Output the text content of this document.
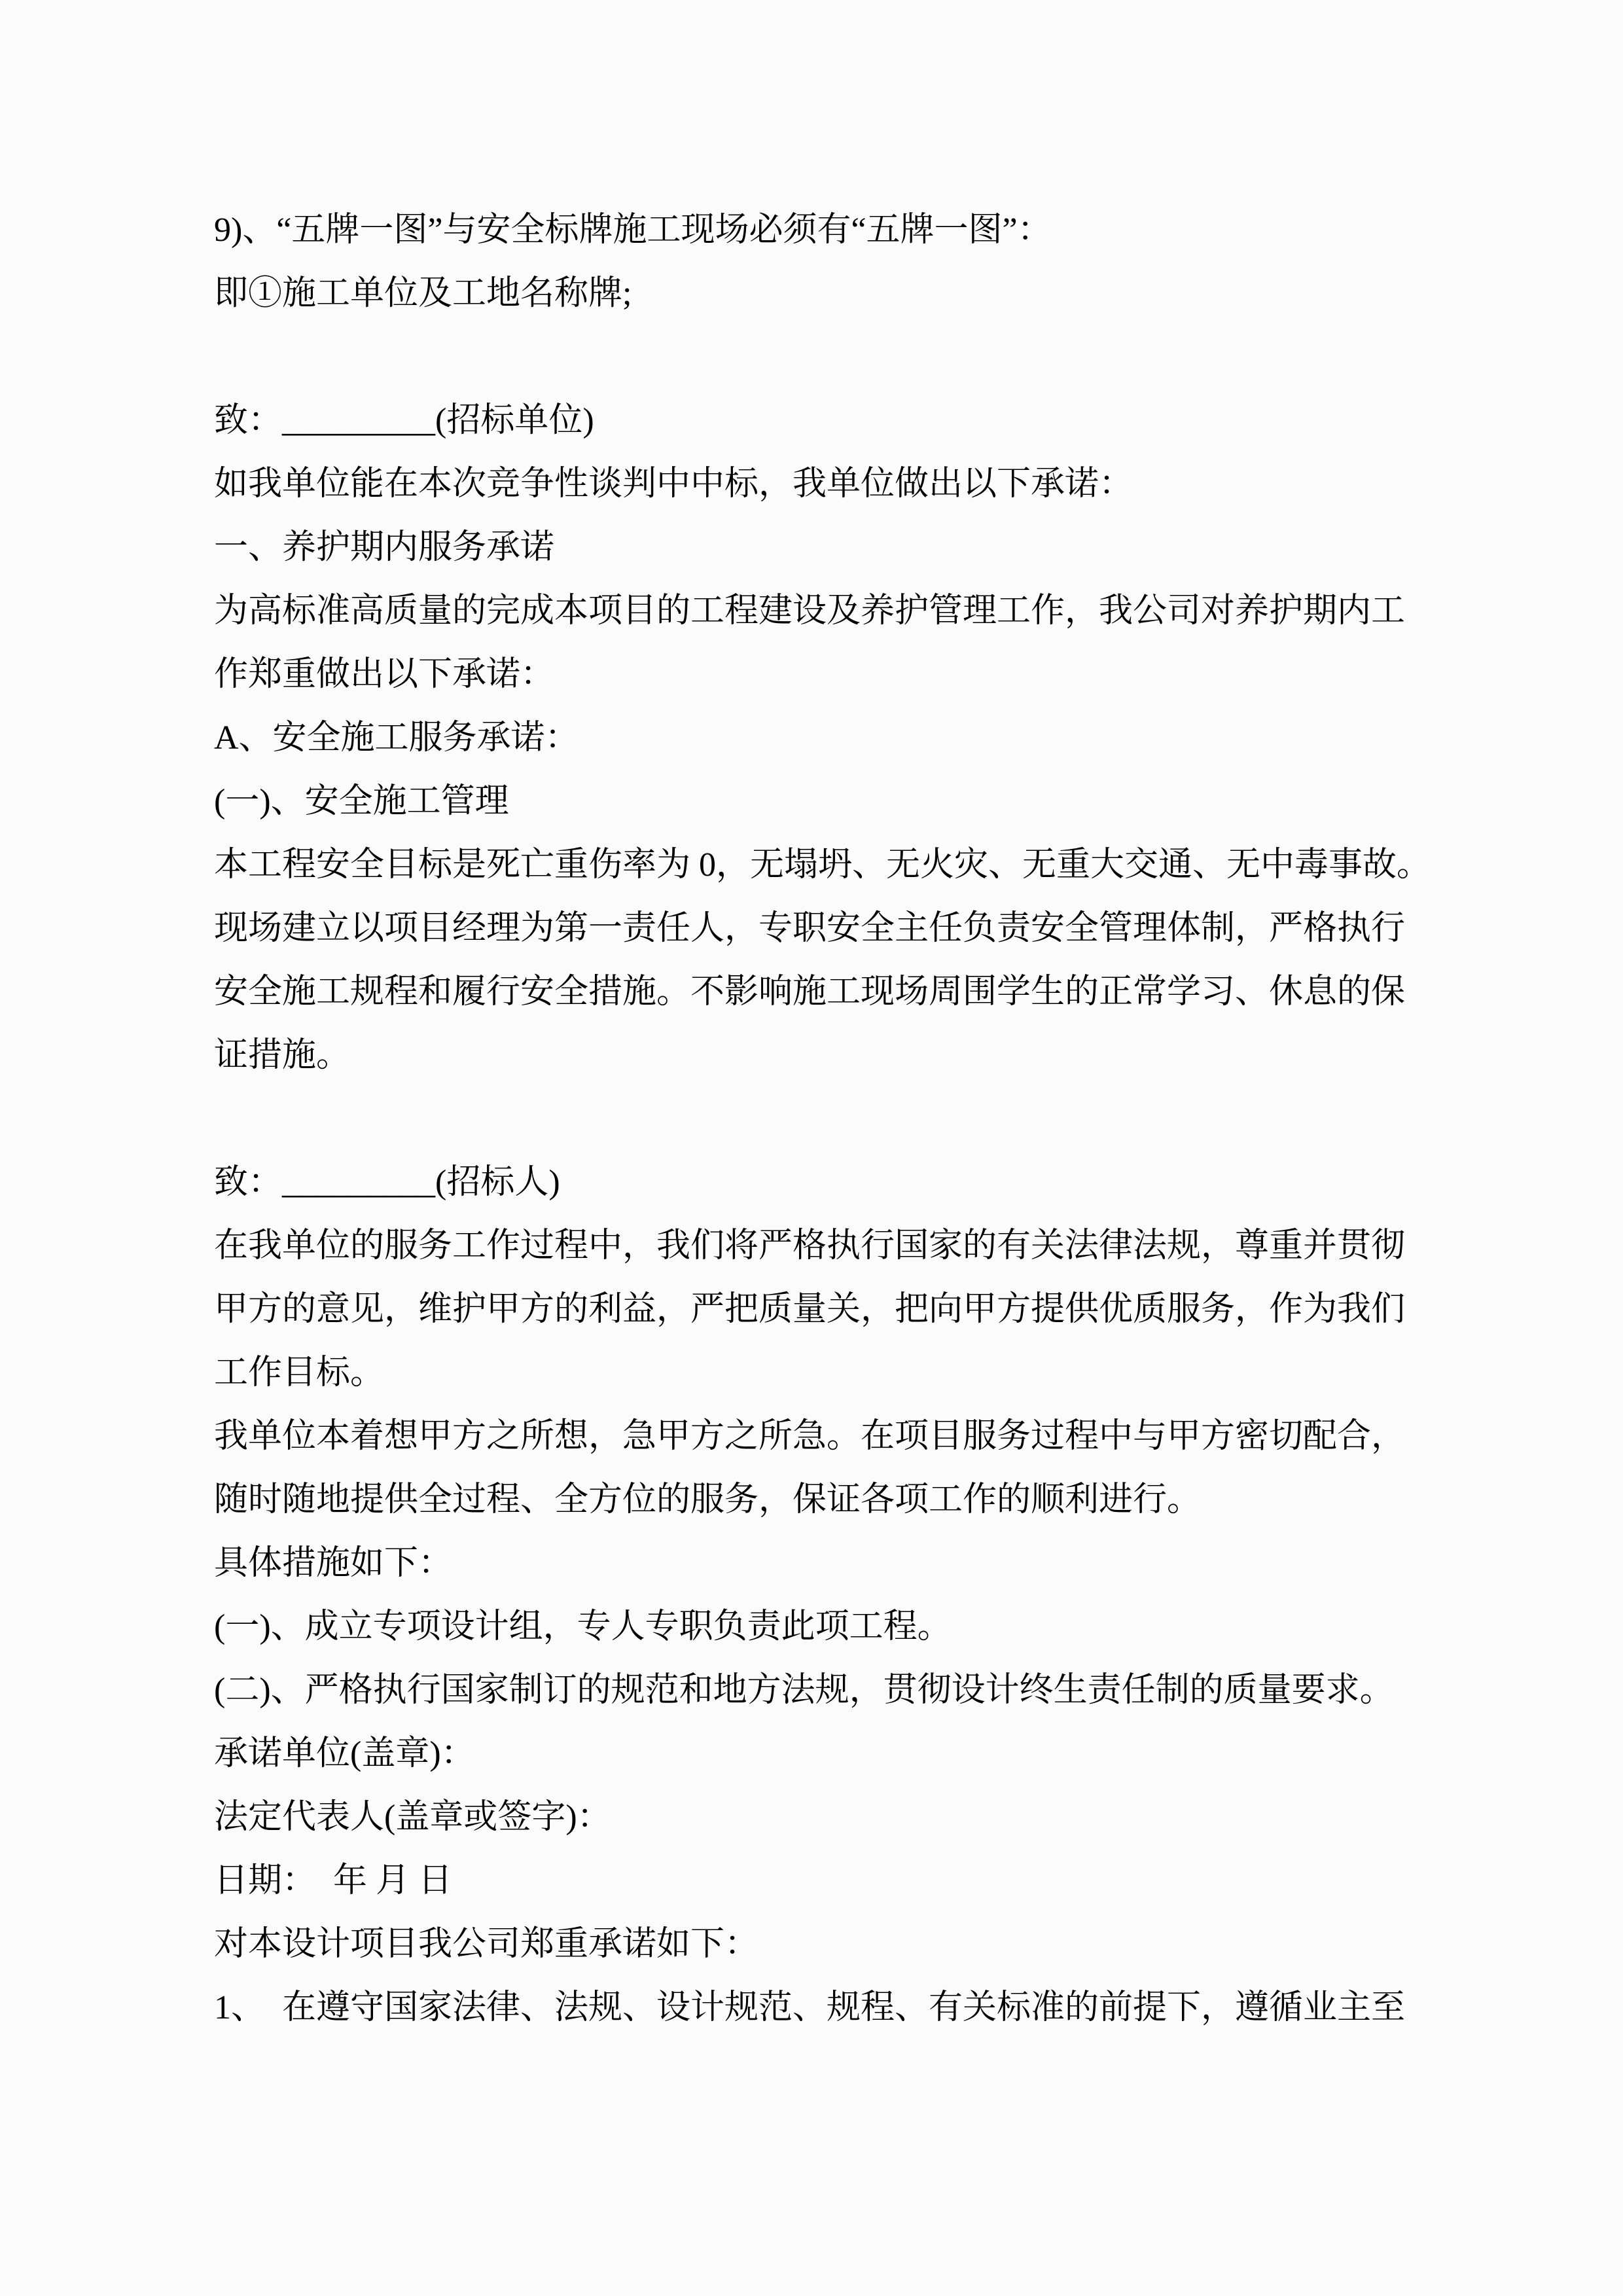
9)、“五牌一图”与安全标牌施工现场必须有“五牌一图”：
即①施工单位及工地名称牌;
致：_________(招标单位)
如我单位能在本次竞争性谈判中中标，我单位做出以下承诺：
一、养护期内服务承诺
为高标准高质量的完成本项目的工程建设及养护管理工作，我公司对养护期内工
作郑重做出以下承诺：
A、安全施工服务承诺：
(一)、安全施工管理
本工程安全目标是死亡重伤率为 0，无塌坍、无火灾、无重大交通、无中毒事故。
现场建立以项目经理为第一责任人，专职安全主任负责安全管理体制，严格执行
安全施工规程和履行安全措施。不影响施工现场周围学生的正常学习、休息的保
证措施。
致：_________(招标人)
在我单位的服务工作过程中，我们将严格执行国家的有关法律法规，尊重并贯彻
甲方的意见，维护甲方的利益，严把质量关，把向甲方提供优质服务，作为我们
工作目标。
我单位本着想甲方之所想，急甲方之所急。在项目服务过程中与甲方密切配合，
随时随地提供全过程、全方位的服务，保证各项工作的顺利进行。
具体措施如下：
(一)、成立专项设计组，专人专职负责此项工程。
(二)、严格执行国家制订的规范和地方法规，贯彻设计终生责任制的质量要求。
承诺单位(盖章)：
法定代表人(盖章或签字)：
日期：  年 月 日
对本设计项目我公司郑重承诺如下：
1、  在遵守国家法律、法规、设计规范、规程、有关标准的前提下，遵循业主至
